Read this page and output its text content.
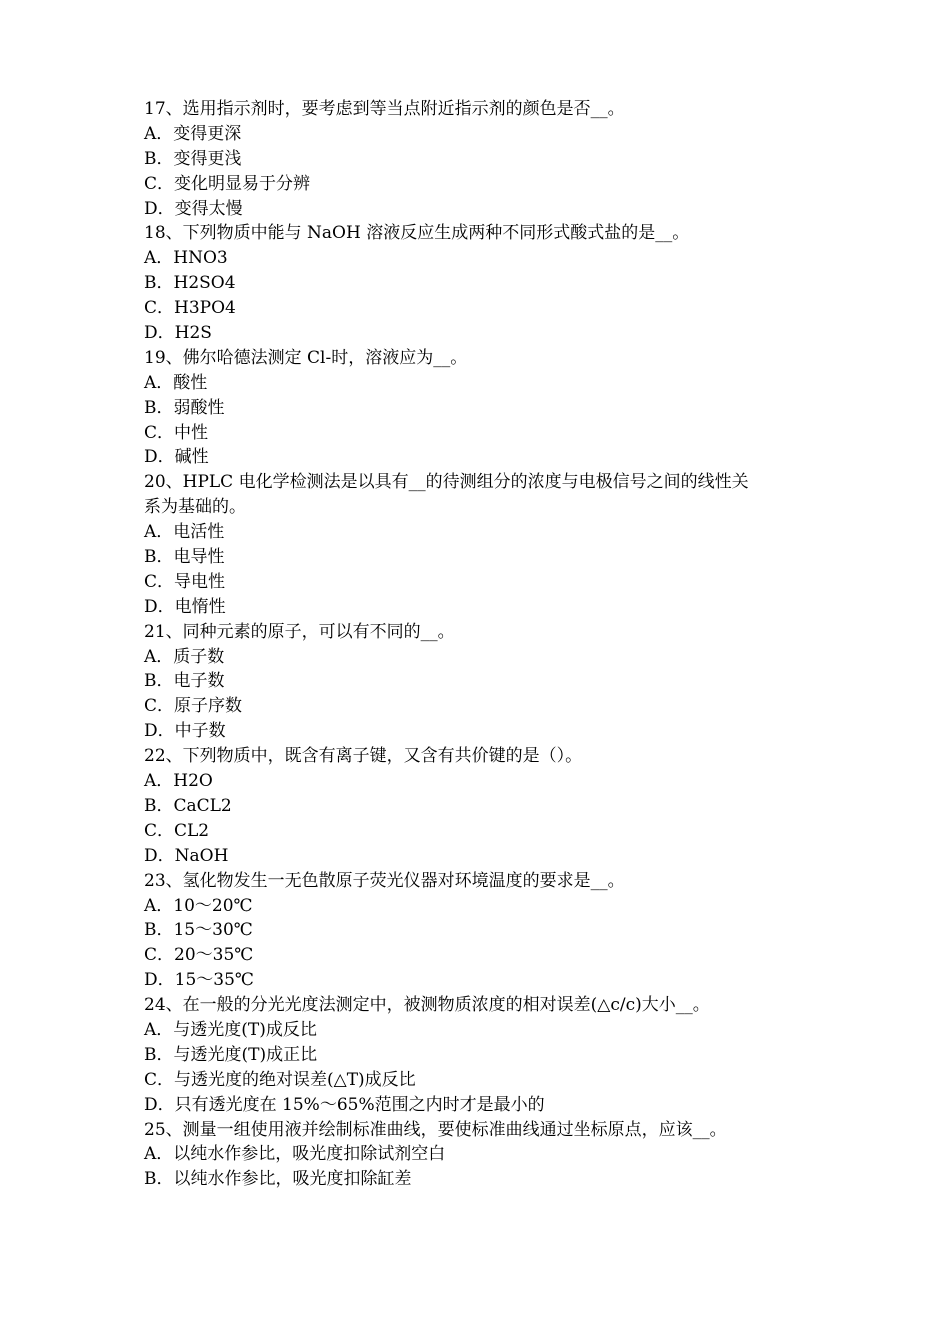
17、选用指示剂时，要考虑到等当点附近指示剂的颜色是否__。
A．变得更深
B．变得更浅
C．变化明显易于分辨
D．变得太慢
18、下列物质中能与 NaOH 溶液反应生成两种不同形式酸式盐的是__。
A．HNO3
B．H2SO4
C．H3PO4
D．H2S
19、佛尔哈德法测定 Cl-时，溶液应为__。
A．酸性
B．弱酸性
C．中性
D．碱性
20、HPLC 电化学检测法是以具有__的待测组分的浓度与电极信号之间的线性关
系为基础的。
A．电活性
B．电导性
C．导电性
D．电惰性
21、同种元素的原子，可以有不同的__。
A．质子数
B．电子数
C．原子序数
D．中子数
22、下列物质中，既含有离子键，又含有共价键的是（）。
A．H2O
B．CaCL2
C．CL2
D．NaOH
23、氢化物发生一无色散原子荧光仪器对环境温度的要求是__。
A．10～20℃
B．15～30℃
C．20～35℃
D．15～35℃
24、在一般的分光光度法测定中，被测物质浓度的相对误差(△c/c)大小__。
A．与透光度(T)成反比
B．与透光度(T)成正比
C．与透光度的绝对误差(△T)成反比
D．只有透光度在 15%～65%范围之内时才是最小的
25、测量一组使用液并绘制标准曲线，要使标准曲线通过坐标原点，应该__。
A．以纯水作参比，吸光度扣除试剂空白
B．以纯水作参比，吸光度扣除缸差
